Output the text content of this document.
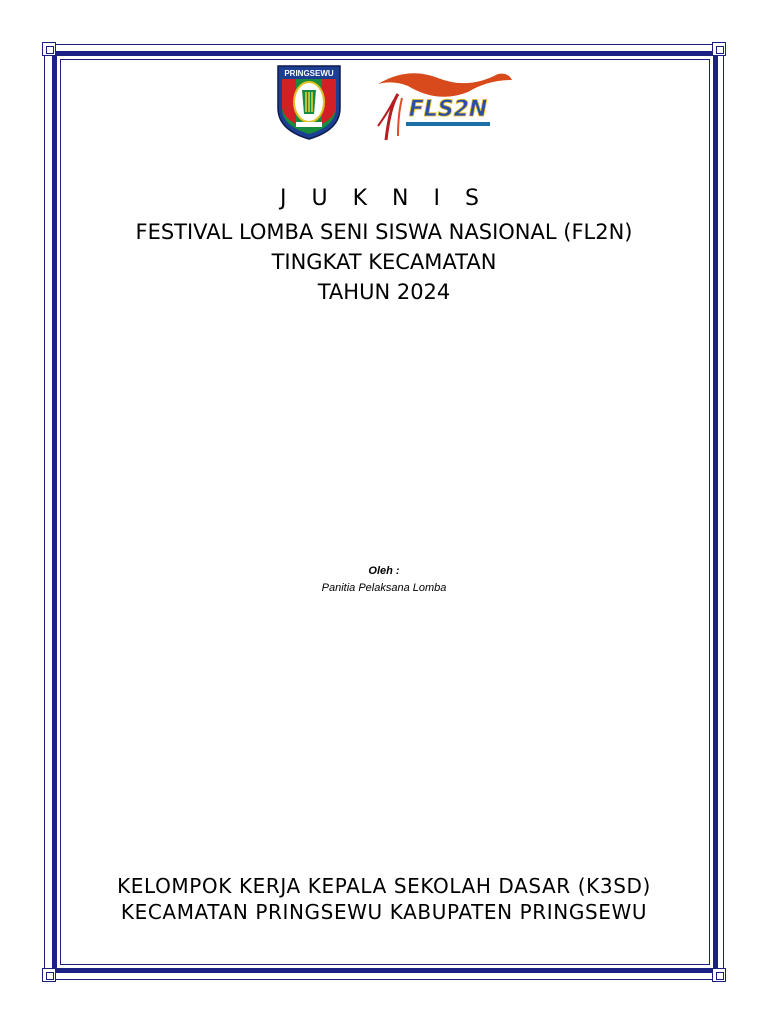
PRINGSEWU
FLS2N
J U K N I S
FESTIVAL LOMBA SENI SISWA NASIONAL (FL2N)
TINGKAT KECAMATAN
TAHUN 2024
Oleh :
Panitia Pelaksana Lomba
KELOMPOK KERJA KEPALA SEKOLAH DASAR (K3SD)
KECAMATAN PRINGSEWU KABUPATEN PRINGSEWU
